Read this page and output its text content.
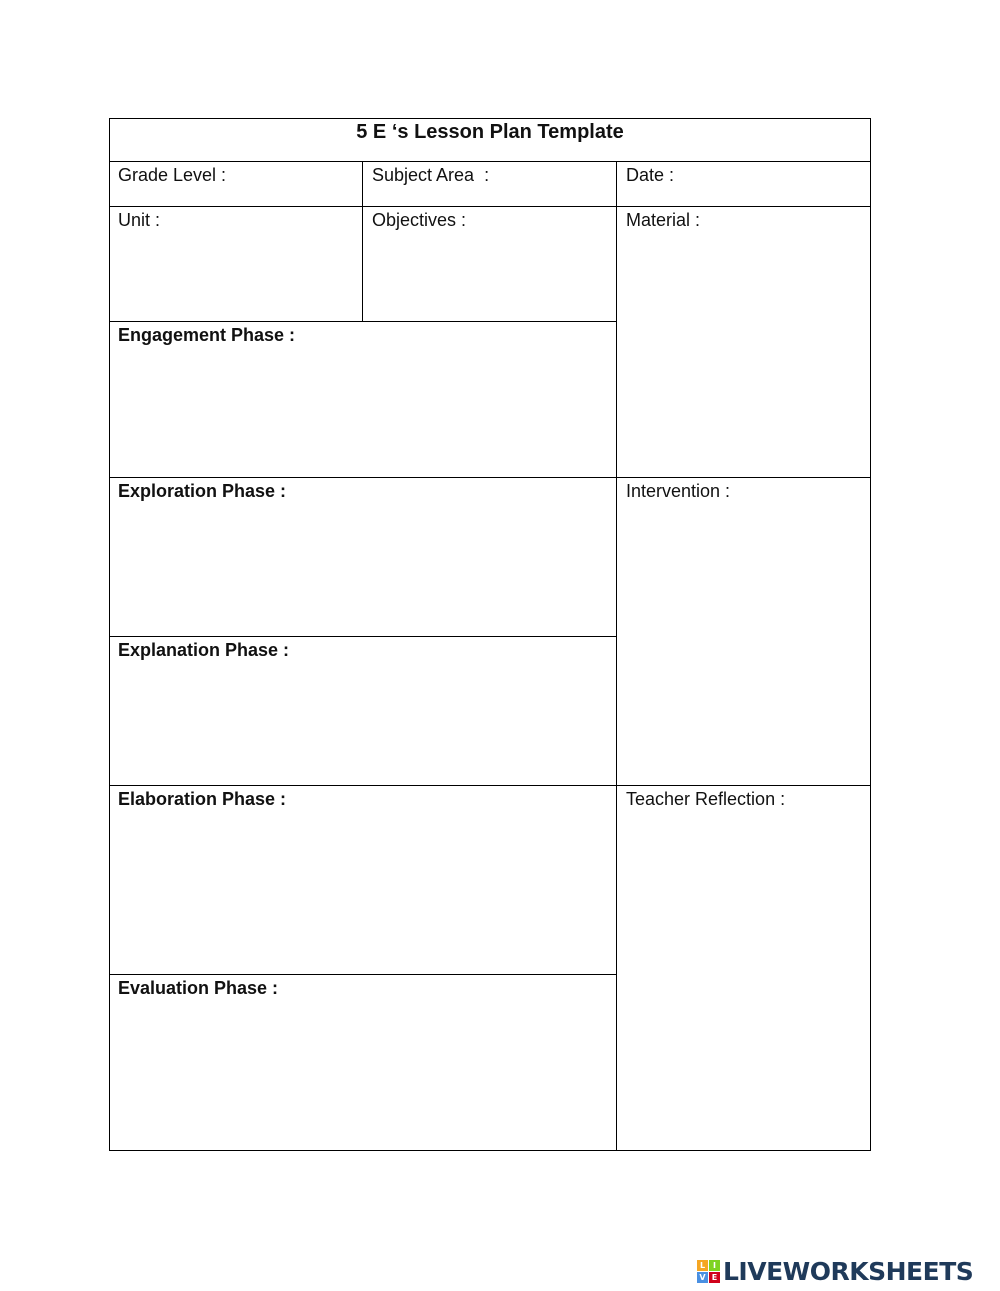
5 E ‘s Lesson Plan Template
Grade Level :	Subject Area  :	Date :
Unit :	Objectives :	Material :
Engagement Phase :
Exploration Phase :	Intervention :
Explanation Phase :
Elaboration Phase :	Teacher Reflection :
Evaluation Phase :
L I
V E LIVEWORKSHEETS
